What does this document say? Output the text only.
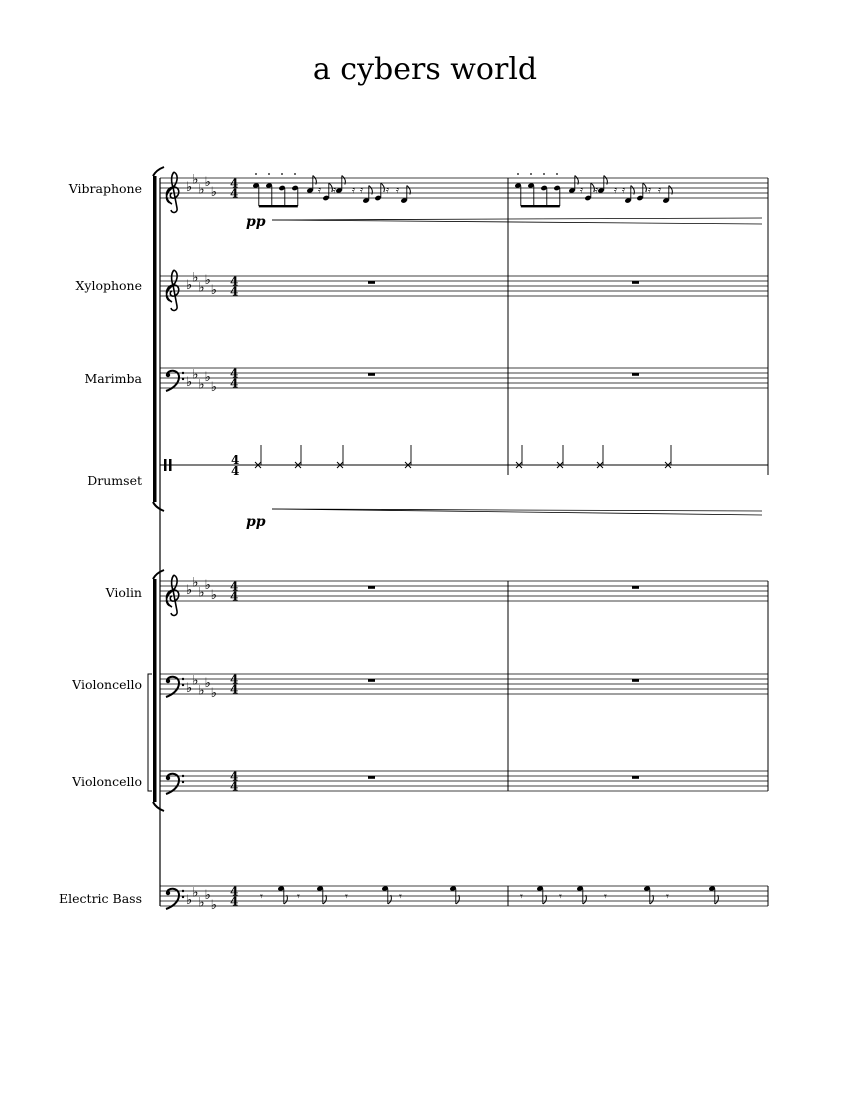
a cybers world
Vibraphone
Xylophone
Marimba
Drumset
Violin
Violoncello
Violoncello
Electric Bass
♭ ♭
♭ ♭
♭
4
4
♭ ♭
♭ ♭
♭
4
4
♭ ♭
♭ ♭
♭
4
4
4
4
♭ ♭
♭ ♭
♭
4
4
♭ ♭
♭ ♭
♭
4
4
4
4
♭ ♭
♭ ♭
♭
4
4
𝄿 𝄿 𝄿 𝄿 𝄿 𝄿	𝄿 𝄿 𝄿 𝄿 𝄿 𝄿
pp
pp
𝄾	𝄾	𝄾	𝄾	𝄾	𝄾	𝄾	𝄾
